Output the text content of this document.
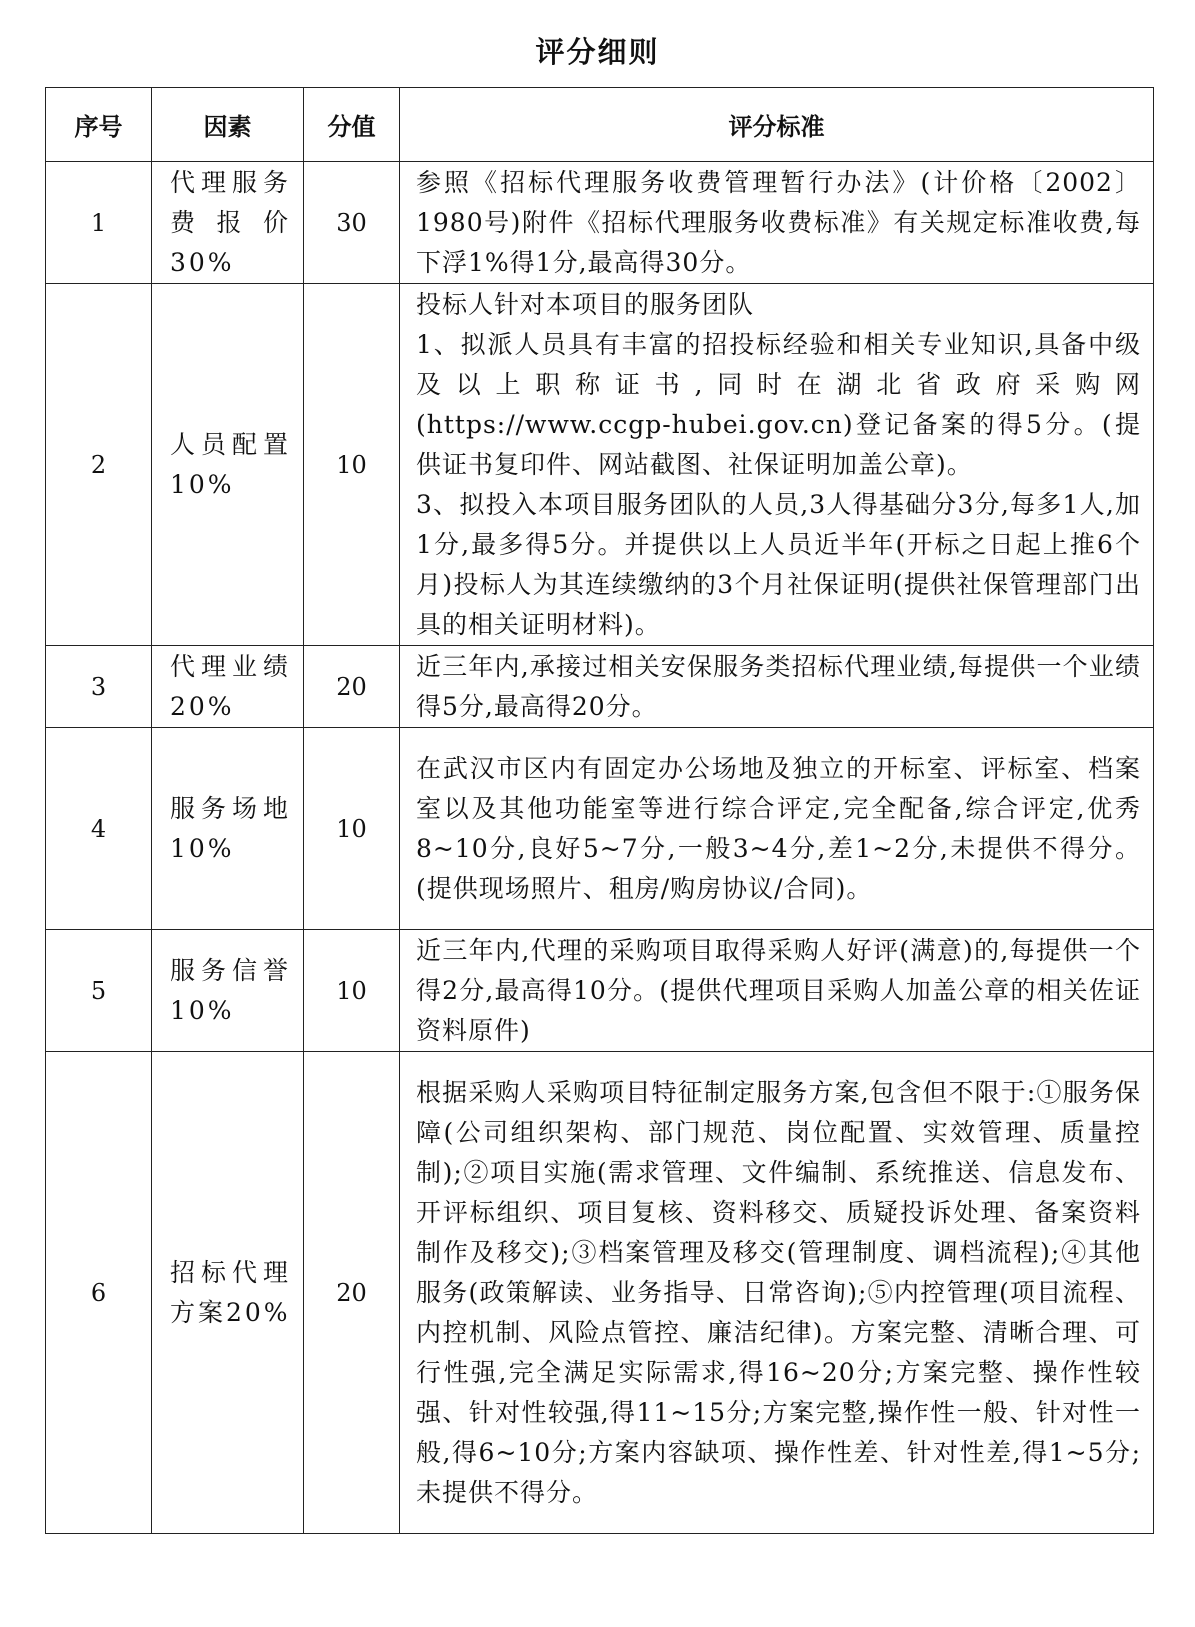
评分细则
序号	因素	分值	评分标准
1	代理服务费报价30%	30	参照《招标代理服务收费管理暂行办法》(计价格〔2002〕1980号)附件《招标代理服务收费标准》有关规定标准收费,每下浮1%得1分,最高得30分。

2	人员配置10%	10	投标人针对本项目的服务团队
1、拟派人员具有丰富的招投标经验和相关专业知识,具备中级及以上职称证书,同时在湖北省政府采购网(https://www.ccgp-hubei.gov.cn)登记备案的得5分。(提供证书复印件、网站截图、社保证明加盖公章)。
3、拟投入本项目服务团队的人员,3人得基础分3分,每多1人,加1分,最多得5分。并提供以上人员近半年(开标之日起上推6个月)投标人为其连续缴纳的3个月社保证明(提供社保管理部门出具的相关证明材料)。

3	代理业绩20%	20	近三年内,承接过相关安保服务类招标代理业绩,每提供一个业绩得5分,最高得20分。

4	服务场地10%	10	在武汉市区内有固定办公场地及独立的开标室、评标室、档案室以及其他功能室等进行综合评定,完全配备,综合评定,优秀8~10分,良好5~7分,一般3~4分,差1~2分,未提供不得分。(提供现场照片、租房/购房协议/合同)。

5	服务信誉10%	10	近三年内,代理的采购项目取得采购人好评(满意)的,每提供一个得2分,最高得10分。(提供代理项目采购人加盖公章的相关佐证资料原件)

6	招标代理方案20%	20	根据采购人采购项目特征制定服务方案,包含但不限于:①服务保障(公司组织架构、部门规范、岗位配置、实效管理、质量控制);②项目实施(需求管理、文件编制、系统推送、信息发布、开评标组织、项目复核、资料移交、质疑投诉处理、备案资料制作及移交);③档案管理及移交(管理制度、调档流程);④其他服务(政策解读、业务指导、日常咨询);⑤内控管理(项目流程、内控机制、风险点管控、廉洁纪律)。方案完整、清晰合理、可行性强,完全满足实际需求,得16~20分;方案完整、操作性较强、针对性较强,得11~15分;方案完整,操作性一般、针对性一般,得6~10分;方案内容缺项、操作性差、针对性差,得1~5分;未提供不得分。
